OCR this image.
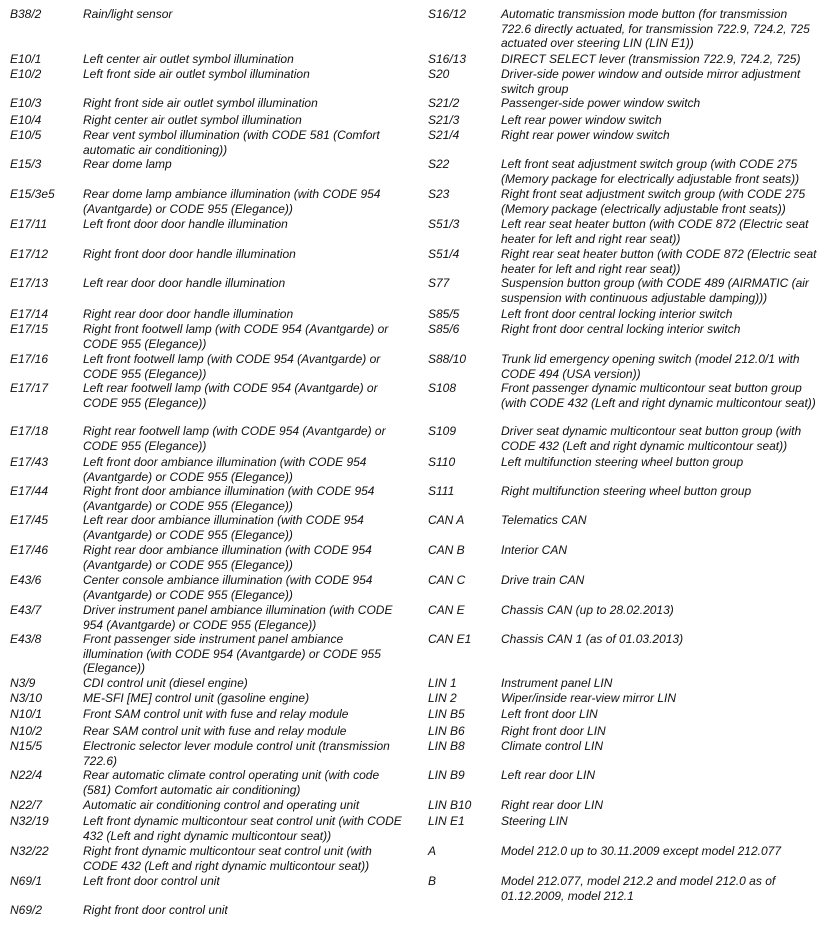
B38/2	Rain/light sensor
E10/1	Left center air outlet symbol illumination
E10/2	Left front side air outlet symbol illumination
E10/3	Right front side air outlet symbol illumination
E10/4	Right center air outlet symbol illumination
E10/5	Rear vent symbol illumination (with CODE 581 (Comfort automatic air conditioning))
E15/3	Rear dome lamp
E15/3e5	Rear dome lamp ambiance illumination (with CODE 954 (Avantgarde) or CODE 955 (Elegance))
E17/11	Left front door door handle illumination
E17/12	Right front door door handle illumination
E17/13	Left rear door door handle illumination
E17/14	Right rear door door handle illumination
E17/15	Right front footwell lamp (with CODE 954 (Avantgarde) or CODE 955 (Elegance))
E17/16	Left front footwell lamp (with CODE 954 (Avantgarde) or CODE 955 (Elegance))
E17/17	Left rear footwell lamp (with CODE 954 (Avantgarde) or CODE 955 (Elegance))
E17/18	Right rear footwell lamp (with CODE 954 (Avantgarde) or CODE 955 (Elegance))
E17/43	Left front door ambiance illumination (with CODE 954 (Avantgarde) or CODE 955 (Elegance))
E17/44	Right front door ambiance illumination (with CODE 954 (Avantgarde) or CODE 955 (Elegance))
E17/45	Left rear door ambiance illumination (with CODE 954 (Avantgarde) or CODE 955 (Elegance))
E17/46	Right rear door ambiance illumination (with CODE 954 (Avantgarde) or CODE 955 (Elegance))
E43/6	Center console ambiance illumination (with CODE 954 (Avantgarde) or CODE 955 (Elegance))
E43/7	Driver instrument panel ambiance illumination (with CODE 954 (Avantgarde) or CODE 955 (Elegance))
E43/8	Front passenger side instrument panel ambiance illumination (with CODE 954 (Avantgarde) or CODE 955 (Elegance))
N3/9	CDI control unit (diesel engine)
N3/10	ME-SFI [ME] control unit (gasoline engine)
N10/1	Front SAM control unit with fuse and relay module
N10/2	Rear SAM control unit with fuse and relay module
N15/5	Electronic selector lever module control unit (transmission 722.6)
N22/4	Rear automatic climate control operating unit (with code (581) Comfort automatic air conditioning)
N22/7	Automatic air conditioning control and operating unit
N32/19	Left front dynamic multicontour seat control unit (with CODE 432 (Left and right dynamic multicontour seat))
N32/22	Right front dynamic multicontour seat control unit (with CODE 432 (Left and right dynamic multicontour seat))
N69/1	Left front door control unit
N69/2	Right front door control unit
S16/12	Automatic transmission mode button (for transmission 722.6 directly actuated, for transmission 722.9, 724.2, 725 actuated over steering LIN (LIN E1))
S16/13	DIRECT SELECT lever (transmission 722.9, 724.2, 725)
S20	Driver-side power window and outside mirror adjustment switch group
S21/2	Passenger-side power window switch
S21/3	Left rear power window switch
S21/4	Right rear power window switch
S22	Left front seat adjustment switch group (with CODE 275 (Memory package for electrically adjustable front seats))
S23	Right front seat adjustment switch group (with CODE 275 (Memory package (electrically adjustable front seats))
S51/3	Left rear seat heater button (with CODE 872 (Electric seat heater for left and right rear seat))
S51/4	Right rear seat heater button (with CODE 872 (Electric seat heater for left and right rear seat))
S77	Suspension button group (with CODE 489 (AIRMATIC (air suspension with continuous adjustable damping)))
S85/5	Left front door central locking interior switch
S85/6	Right front door central locking interior switch
S88/10	Trunk lid emergency opening switch (model 212.0/1 with CODE 494 (USA version))
S108	Front passenger dynamic multicontour seat button group (with CODE 432 (Left and right dynamic multicontour seat))
S109	Driver seat dynamic multicontour seat button group (with CODE 432 (Left and right dynamic multicontour seat))
S110	Left multifunction steering wheel button group
S111	Right multifunction steering wheel button group
CAN A	Telematics CAN
CAN B	Interior CAN
CAN C	Drive train CAN
CAN E	Chassis CAN (up to 28.02.2013)
CAN E1	Chassis CAN 1 (as of 01.03.2013)
LIN 1	Instrument panel LIN
LIN 2	Wiper/inside rear-view mirror LIN
LIN B5	Left front door LIN
LIN B6	Right front door LIN
LIN B8	Climate control LIN
LIN B9	Left rear door LIN
LIN B10	Right rear door LIN
LIN E1	Steering LIN
A	Model 212.0 up to 30.11.2009 except model 212.077
B	Model 212.077, model 212.2 and model 212.0 as of 01.12.2009, model 212.1
